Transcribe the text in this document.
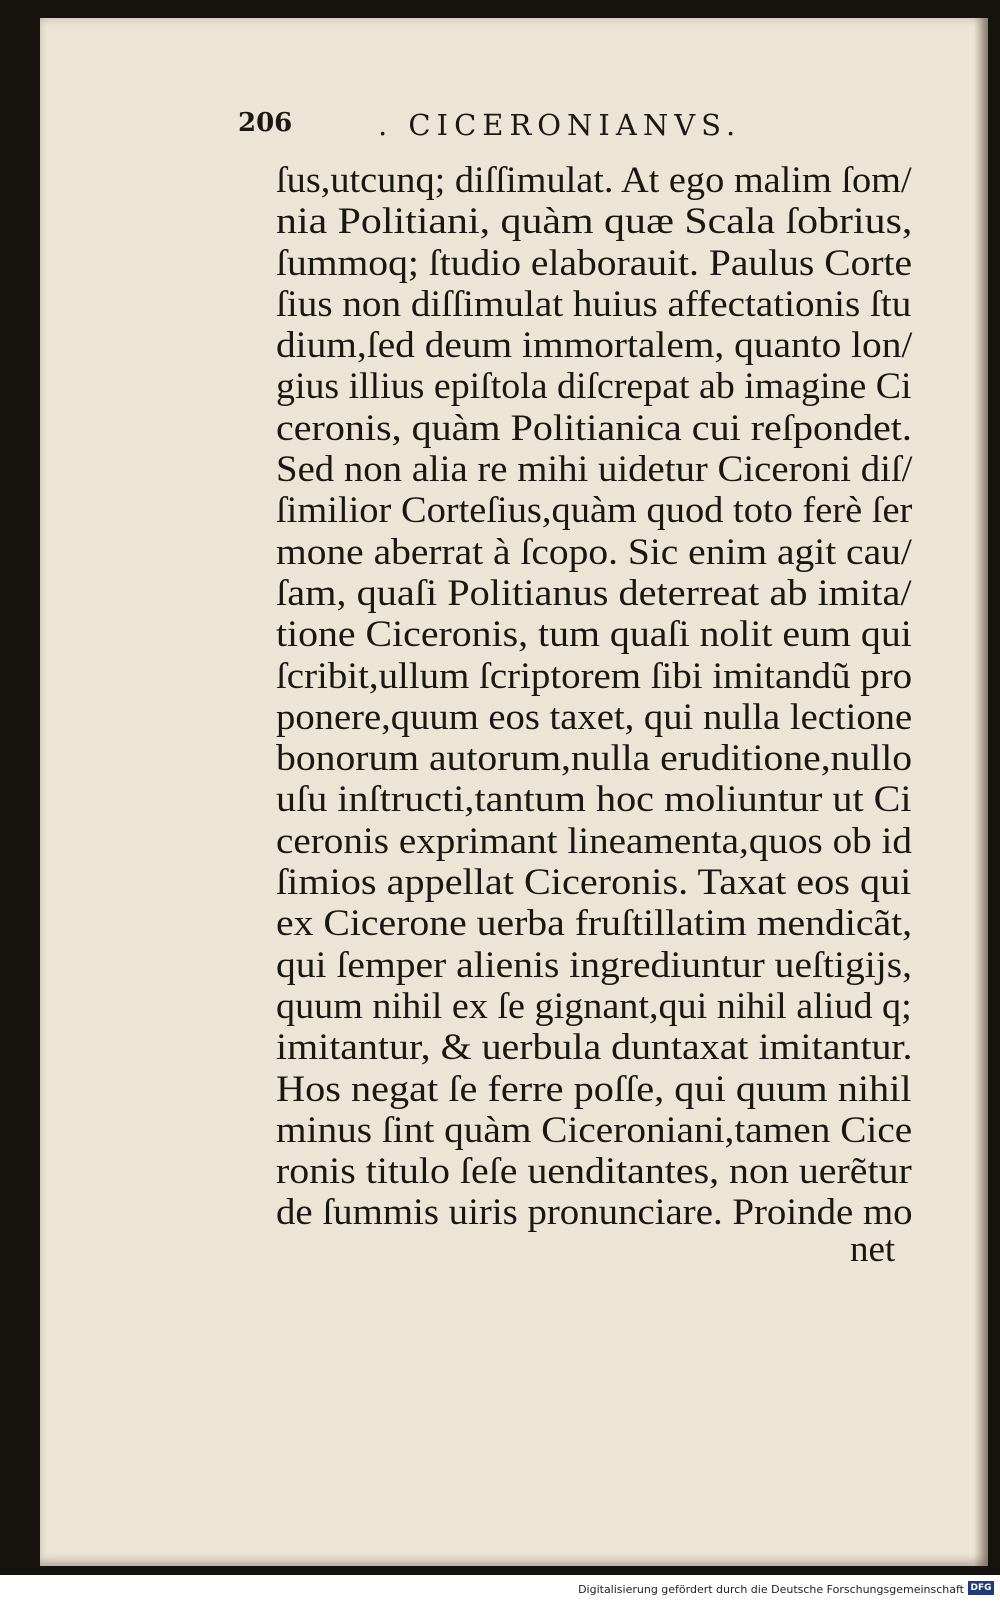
206	. CICERONIANVS.
ſus,utcunq; diſſimulat. At ego malim ſom/
nia Politiani, quàm quæ Scala ſobrius,
ſummoq; ſtudio elaborauit. Paulus Corte
ſius non diſſimulat huius affectationis ſtu
dium,ſed deum immortalem, quanto lon/
gius illius epiſtola diſcrepat ab imagine Ci
ceronis, quàm Politianica cui reſpondet.
Sed non alia re mihi uidetur Ciceroni diſ/
ſimilior Corteſius,quàm quod toto ferè ſer
mone aberrat à ſcopo. Sic enim agit cau/
ſam, quaſi Politianus deterreat ab imita/
tione Ciceronis, tum quaſi nolit eum qui
ſcribit,ullum ſcriptorem ſibi imitandũ pro
ponere,quum eos taxet, qui nulla lectione
bonorum autorum,nulla eruditione,nullo
uſu inſtructi,tantum hoc moliuntur ut Ci
ceronis exprimant lineamenta,quos ob id
ſimios appellat Ciceronis. Taxat eos qui
ex Cicerone uerba fruſtillatim mendicãt,
qui ſemper alienis ingrediuntur ueſtigijs,
quum nihil ex ſe gignant,qui nihil aliud q;
imitantur, & uerbula duntaxat imitantur.
Hos negat ſe ferre poſſe, qui quum nihil
minus ſint quàm Ciceroniani,tamen Cice
ronis titulo ſeſe uenditantes, non uerẽtur
de ſummis uiris pronunciare. Proinde mo
net
Digitalisierung gefördert durch die Deutsche Forschungsgemeinschaft DFG
